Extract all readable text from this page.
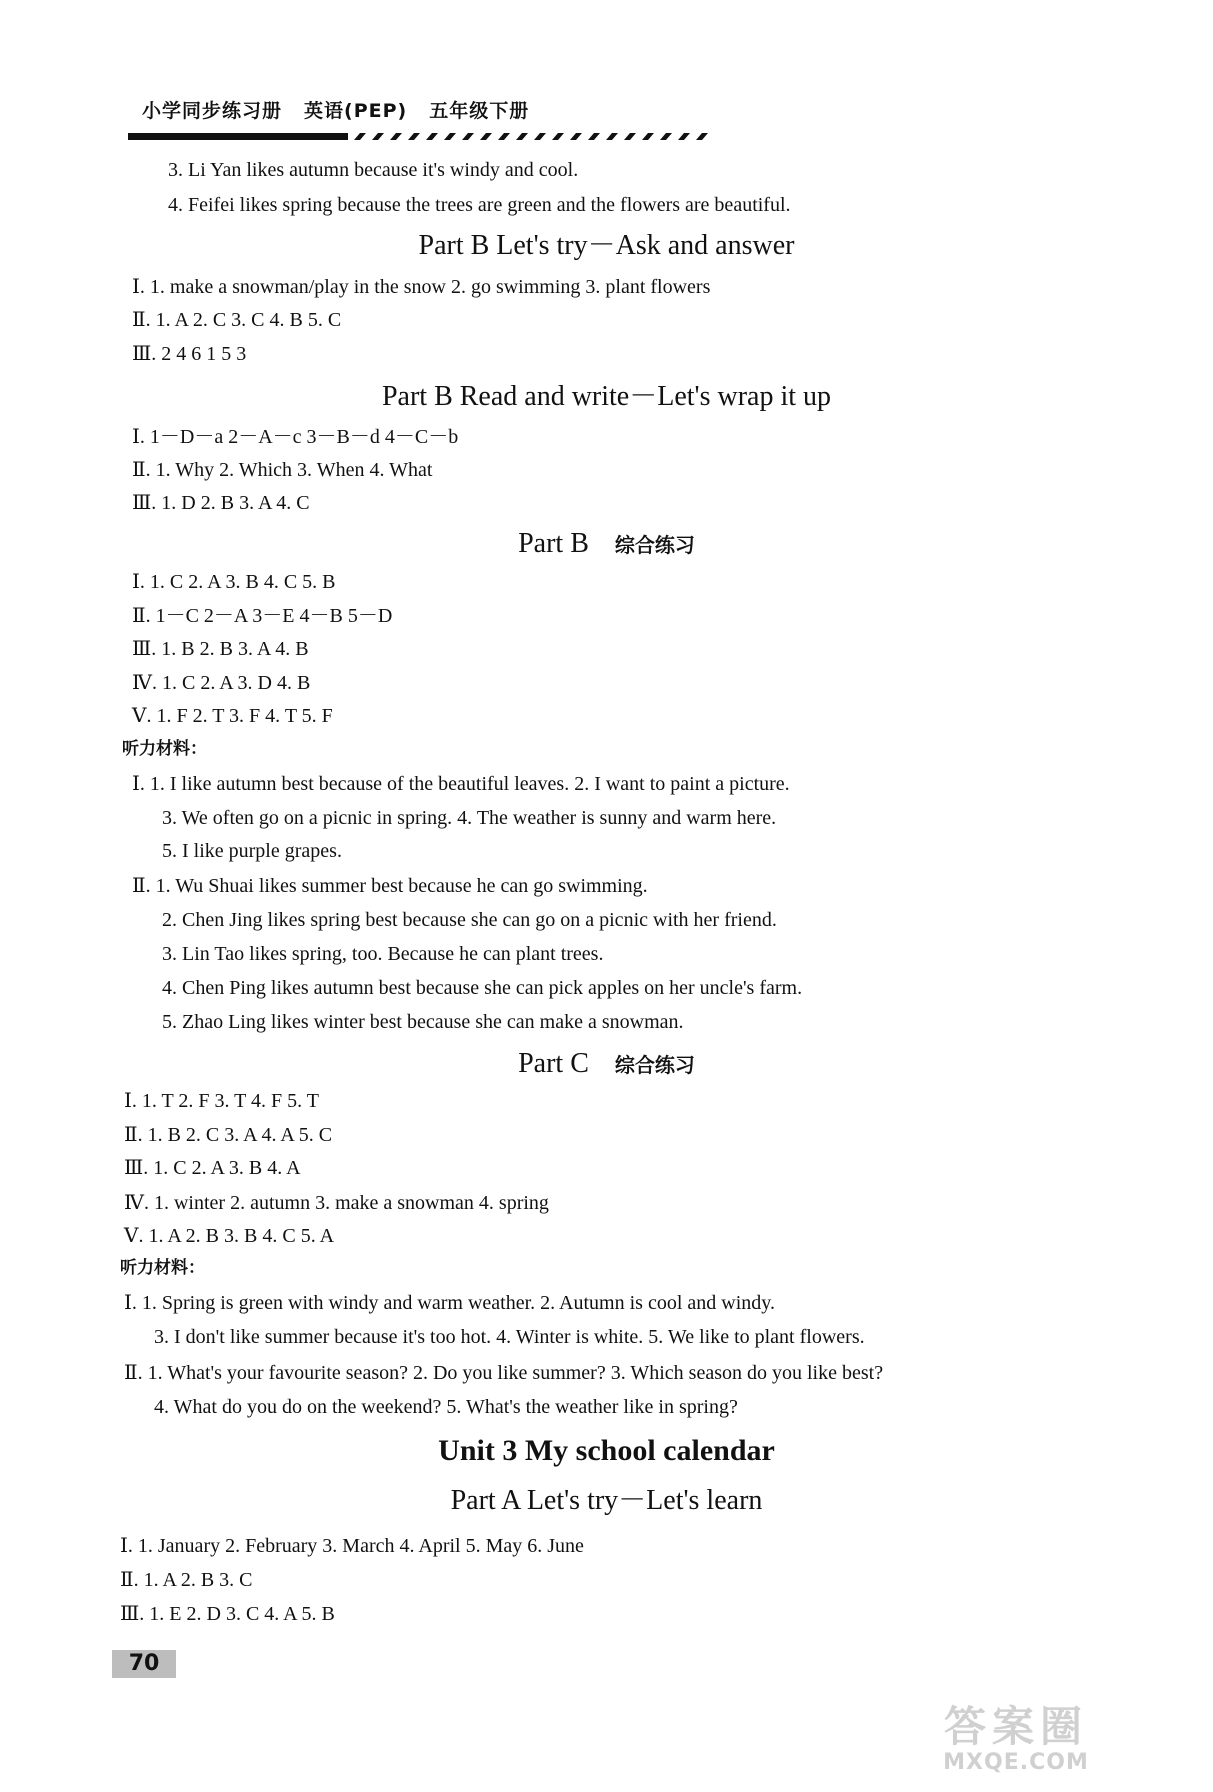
小学同步练习册 英语(PEP) 五年级下册
3. Li Yan likes autumn because it's windy and cool.
4. Feifei likes spring because the trees are green and the flowers are beautiful.
Part B Let's try－Ask and answer
Ⅰ. 1. make a snowman/play in the snow 2. go swimming 3. plant flowers
Ⅱ. 1. A 2. C 3. C 4. B 5. C
Ⅲ. 2 4 6 1 5 3
Part B Read and write－Let's wrap it up
Ⅰ. 1－D－a 2－A－c 3－B－d 4－C－b
Ⅱ. 1. Why 2. Which 3. When 4. What
Ⅲ. 1. D 2. B 3. A 4. C
Part B 综合练习
Ⅰ. 1. C 2. A 3. B 4. C 5. B
Ⅱ. 1－C 2－A 3－E 4－B 5－D
Ⅲ. 1. B 2. B 3. A 4. B
Ⅳ. 1. C 2. A 3. D 4. B
Ⅴ. 1. F 2. T 3. F 4. T 5. F
听力材料：
Ⅰ. 1. I like autumn best because of the beautiful leaves. 2. I want to paint a picture.
3. We often go on a picnic in spring. 4. The weather is sunny and warm here.
5. I like purple grapes.
Ⅱ. 1. Wu Shuai likes summer best because he can go swimming.
2. Chen Jing likes spring best because she can go on a picnic with her friend.
3. Lin Tao likes spring, too. Because he can plant trees.
4. Chen Ping likes autumn best because she can pick apples on her uncle's farm.
5. Zhao Ling likes winter best because she can make a snowman.
Part C 综合练习
Ⅰ. 1. T 2. F 3. T 4. F 5. T
Ⅱ. 1. B 2. C 3. A 4. A 5. C
Ⅲ. 1. C 2. A 3. B 4. A
Ⅳ. 1. winter 2. autumn 3. make a snowman 4. spring
Ⅴ. 1. A 2. B 3. B 4. C 5. A
听力材料：
Ⅰ. 1. Spring is green with windy and warm weather. 2. Autumn is cool and windy.
3. I don't like summer because it's too hot. 4. Winter is white. 5. We like to plant flowers.
Ⅱ. 1. What's your favourite season? 2. Do you like summer? 3. Which season do you like best?
4. What do you do on the weekend? 5. What's the weather like in spring?
Unit 3 My school calendar
Part A Let's try－Let's learn
Ⅰ. 1. January 2. February 3. March 4. April 5. May 6. June
Ⅱ. 1. A 2. B 3. C
Ⅲ. 1. E 2. D 3. C 4. A 5. B
70
答案圈
MXQE.COM
